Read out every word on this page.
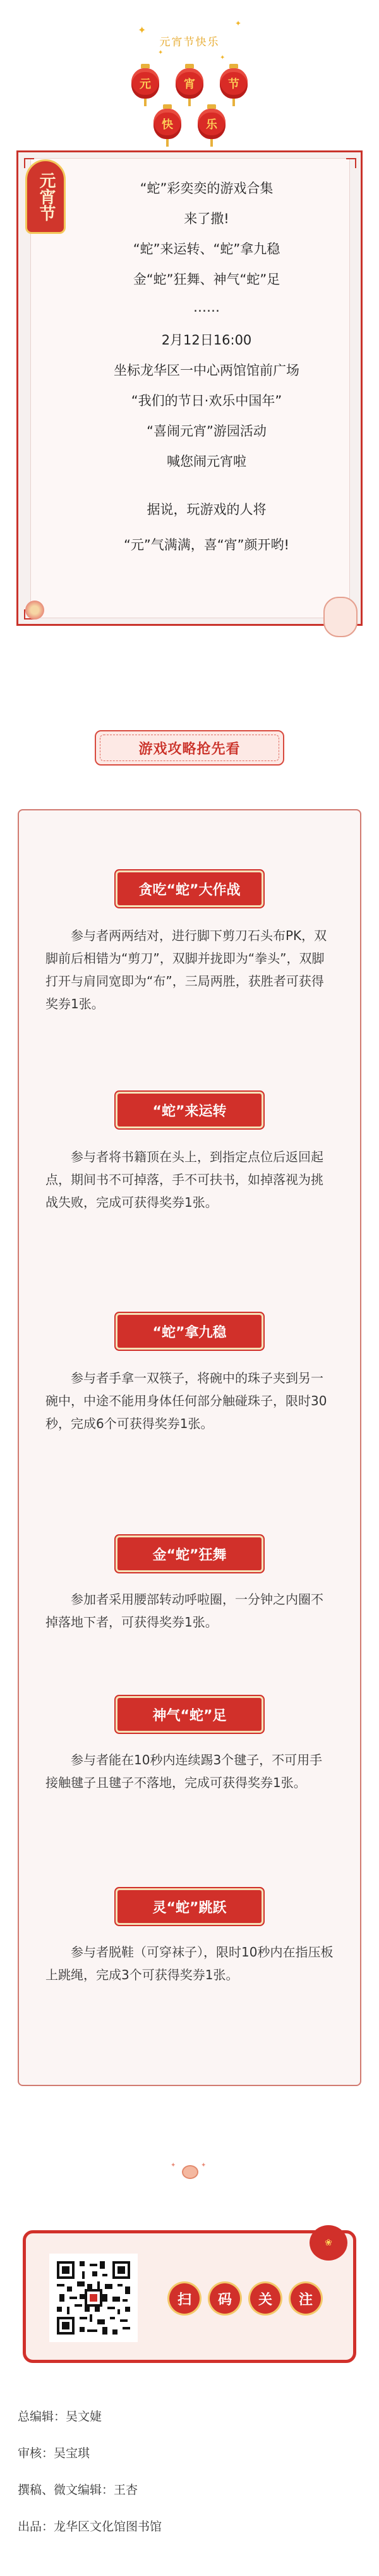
元宵节快乐
✦
✦
✦
✦
元	宵	节
快	乐
元宵节	“蛇”彩奕奕的游戏合集
来了撒!
“蛇”来运转、“蛇”拿九稳
金“蛇”狂舞、神气“蛇”足
……
2月12日16:00
坐标龙华区一中心两馆馆前广场
“我们的节日·欢乐中国年”
“喜闹元宵”游园活动
喊您闹元宵啦
据说，玩游戏的人将
“元”气满满，喜“宵”颜开哟!
游戏攻略抢先看
贪吃“蛇”大作战
参与者两两结对，进行脚下剪刀石头布PK，双脚前后相错为“剪刀”，双脚并拢即为“拳头”，双脚打开与肩同宽即为“布”，三局两胜，获胜者可获得奖券1张。
“蛇”来运转
参与者将书籍顶在头上，到指定点位后返回起点，期间书不可掉落，手不可扶书，如掉落视为挑战失败，完成可获得奖券1张。
“蛇”拿九稳
参与者手拿一双筷子，将碗中的珠子夹到另一碗中，中途不能用身体任何部分触碰珠子，限时30秒，完成6个可获得奖券1张。
金“蛇”狂舞
参加者采用腰部转动呼啦圈，一分钟之内圈不掉落地下者，可获得奖券1张。
神气“蛇”足
参与者能在10秒内连续踢3个毽子，不可用手接触毽子且毽子不落地，完成可获得奖券1张。
灵“蛇”跳跃
参与者脱鞋（可穿袜子），限时10秒内在指压板上跳绳，完成3个可获得奖券1张。
✦	✦
❀
扫	码	关	注
总编辑：吴文婕
审核：吴宝琪
撰稿、微文编辑：王杏
出品：龙华区文化馆图书馆
